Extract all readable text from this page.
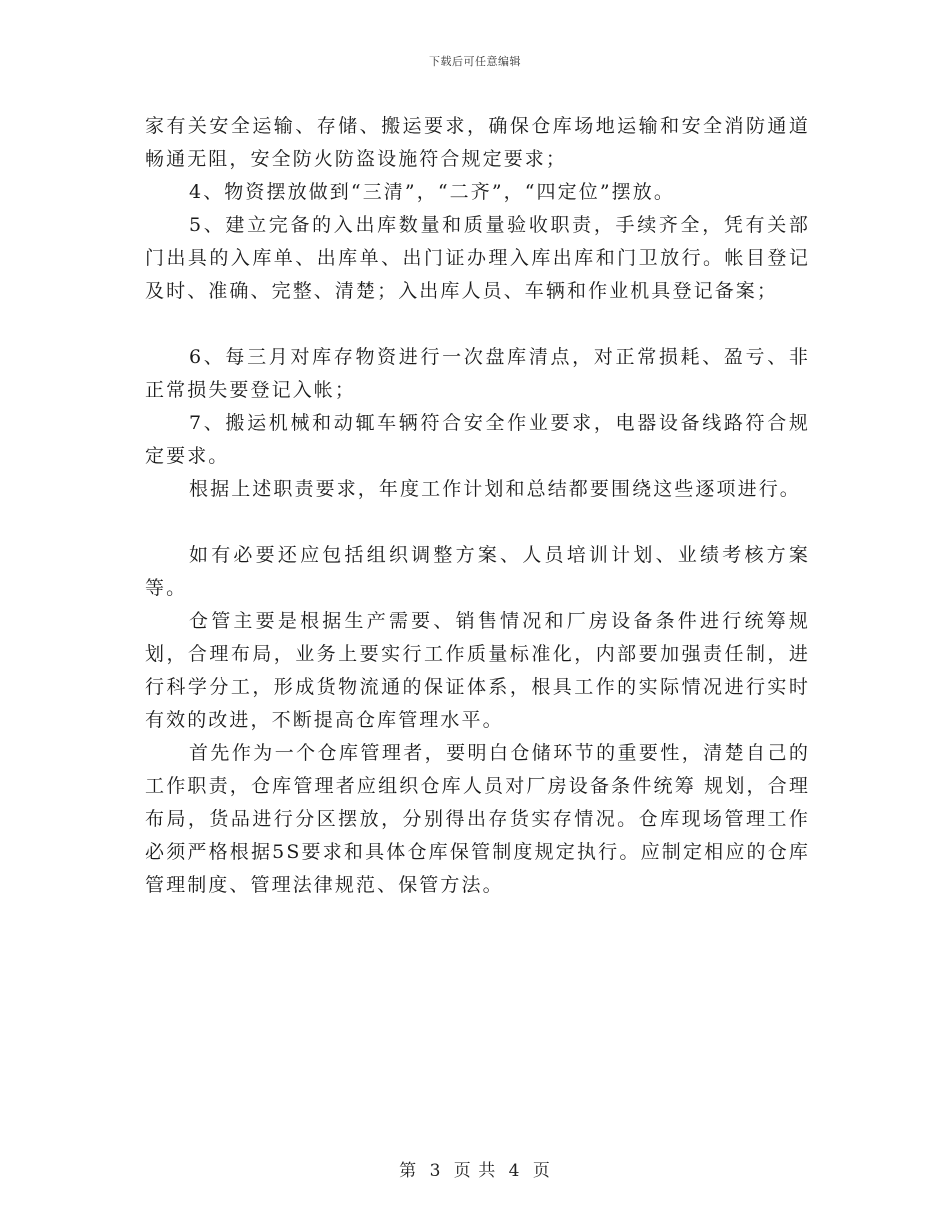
下载后可任意编辑

家有关安全运输、存储、搬运要求，确保仓库场地运输和安全消防通道畅通无阻，安全防火防盗设施符合规定要求；

4、物资摆放做到“三清”，“二齐”，“四定位”摆放。

5、建立完备的入出库数量和质量验收职责，手续齐全，凭有关部门出具的入库单、出库单、出门证办理入库出库和门卫放行。帐目登记及时、准确、完整、清楚；入出库人员、车辆和作业机具登记备案；

6、每三月对库存物资进行一次盘库清点，对正常损耗、盈亏、非正常损失要登记入帐；

7、搬运机械和动辄车辆符合安全作业要求，电器设备线路符合规定要求。

根据上述职责要求，年度工作计划和总结都要围绕这些逐项进行。

如有必要还应包括组织调整方案、人员培训计划、业绩考核方案等。

仓管主要是根据生产需要、销售情况和厂房设备条件进行统筹规划，合理布局，业务上要实行工作质量标准化，内部要加强责任制，进行科学分工，形成货物流通的保证体系，根具工作的实际情况进行实时有效的改进，不断提高仓库管理水平。

首先作为一个仓库管理者，要明白仓储环节的重要性，清楚自己的工作职责，仓库管理者应组织仓库人员对厂房设备条件统筹 规划，合理布局，货品进行分区摆放，分别得出存货实存情况。仓库现场管理工作必须严格根据5S要求和具体仓库保管制度规定执行。应制定相应的仓库管理制度、管理法律规范、保管方法。

第 3 页 共 4 页
